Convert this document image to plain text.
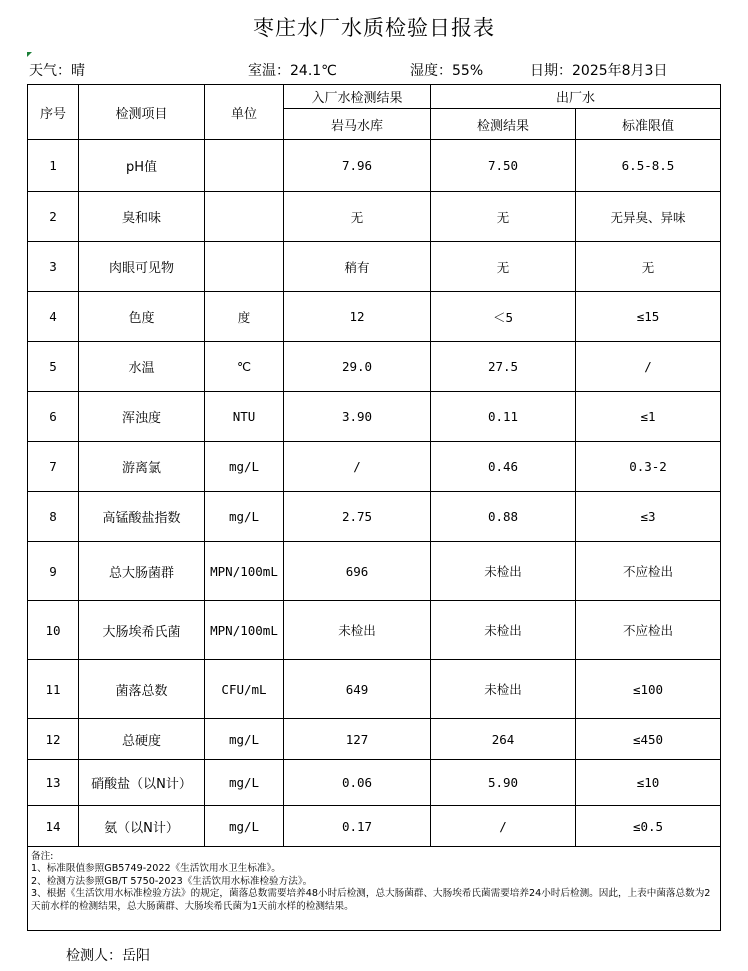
枣庄水厂水质检验日报表
天气：晴	室温：24.1℃	湿度：55%	日期：2025年8月3日
序号	检测项目	单位	入厂水检测结果	出厂水	
			岩马水库	检测结果	标准限值
1	pH值		7.96	7.50	6.5-8.5
2	臭和味		无	无	无异臭、异味
3	肉眼可见物		稍有	无	无
4	色度	度	12	＜5	≤15
5	水温	℃	29.0	27.5	/
6	浑浊度	NTU	3.90	0.11	≤1
7	游离氯	mg/L	/	0.46	0.3-2
8	高锰酸盐指数	mg/L	2.75	0.88	≤3
9	总大肠菌群	MPN/100mL	696	未检出	不应检出
10	大肠埃希氏菌	MPN/100mL	未检出	未检出	不应检出
11	菌落总数	CFU/mL	649	未检出	≤100
12	总硬度	mg/L	127	264	≤450
13	硝酸盐（以N计）	mg/L	0.06	5.90	≤10
14	氨（以N计）	mg/L	0.17	/	≤0.5

备注:
1、标准限值参照GB5749-2022《生活饮用水卫生标准》。
2、检测方法参照GB/T 5750-2023《生活饮用水标准检验方法》。
3、根据《生活饮用水标准检验方法》的规定，菌落总数需要培养48小时后检测，总大肠菌群、大肠埃希氏菌需要培养24小时后检测。因此，上表中菌落总数为2天前水样的检测结果，总大肠菌群、大肠埃希氏菌为1天前水样的检测结果。					
检测人：岳阳
